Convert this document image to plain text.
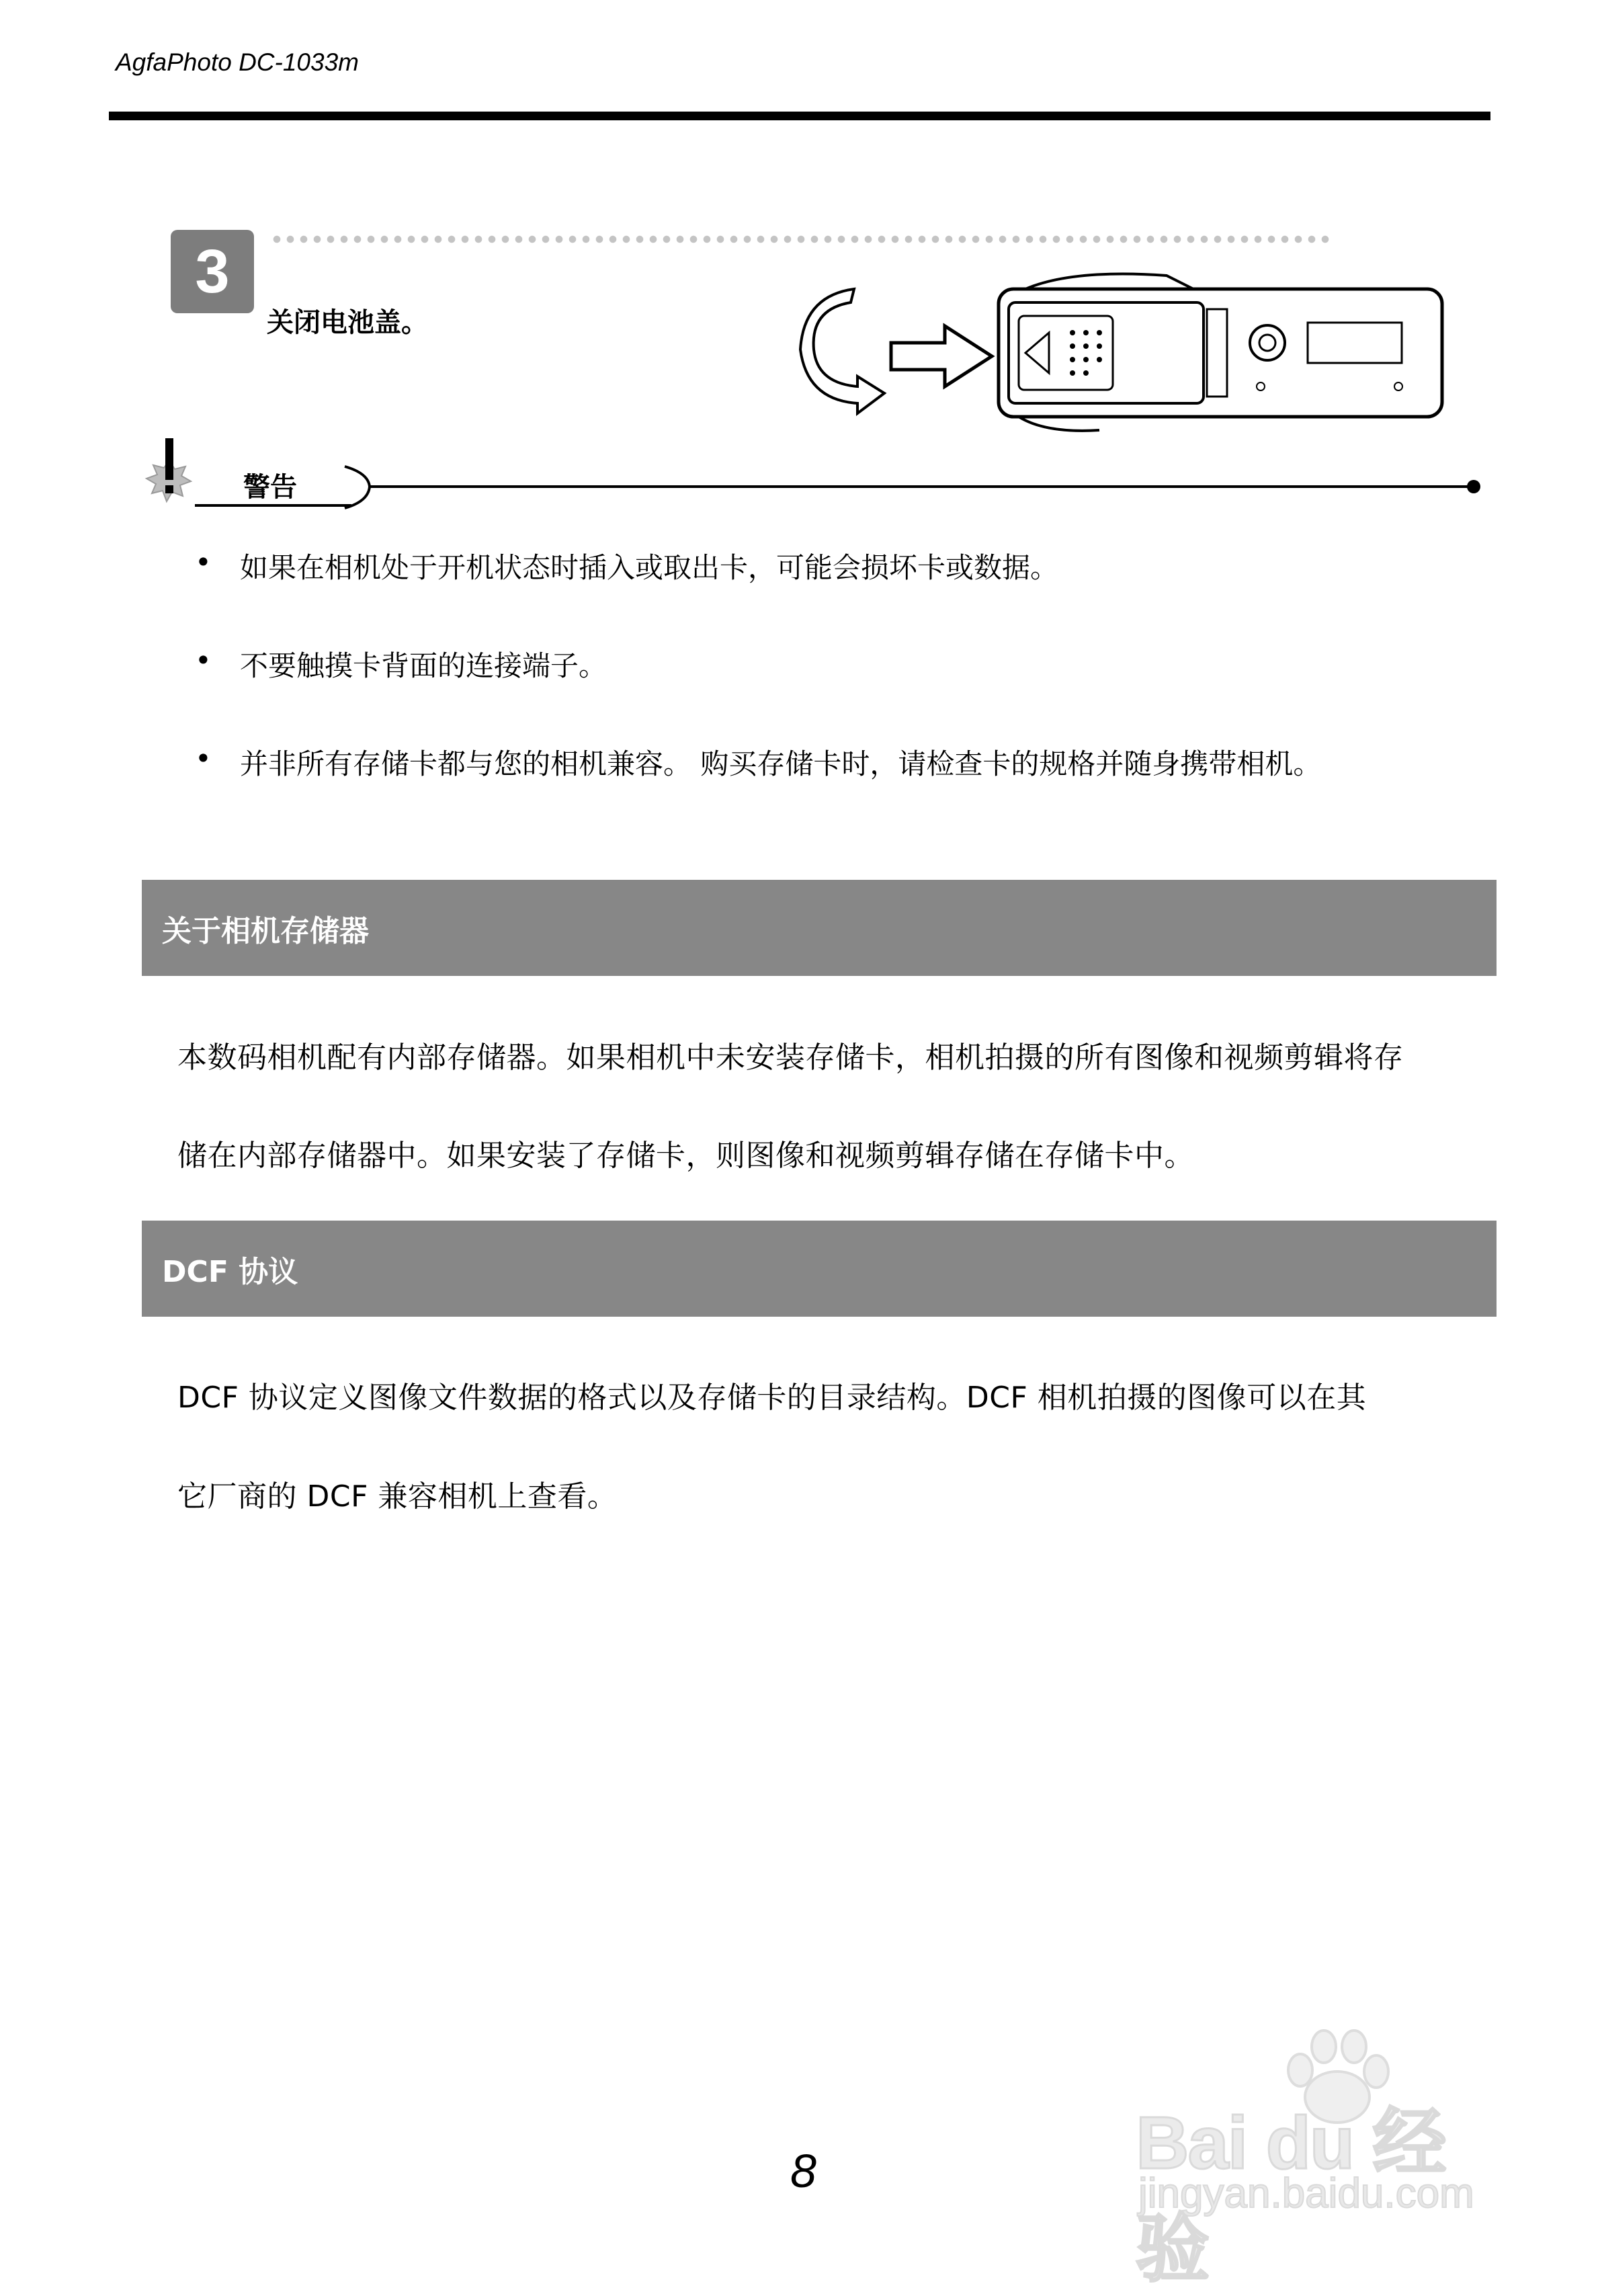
AgfaPhoto DC-1033m
3
关闭电池盖。
警告
• 如果在相机处于开机状态时插入或取出卡，可能会损坏卡或数据。
• 不要触摸卡背面的连接端子。
• 并非所有存储卡都与您的相机兼容。 购买存储卡时，请检查卡的规格并随身携带相机。
关于相机存储器
本数码相机配有内部存储器。如果相机中未安装存储卡，相机拍摄的所有图像和视频剪辑将存
储在内部存储器中。如果安装了存储卡，则图像和视频剪辑存储在存储卡中。
DCF 协议
DCF 协议定义图像文件数据的格式以及存储卡的目录结构。DCF 相机拍摄的图像可以在其
它厂商的 DCF 兼容相机上查看。
8	Bai du 经验
jingyan.baidu.com
